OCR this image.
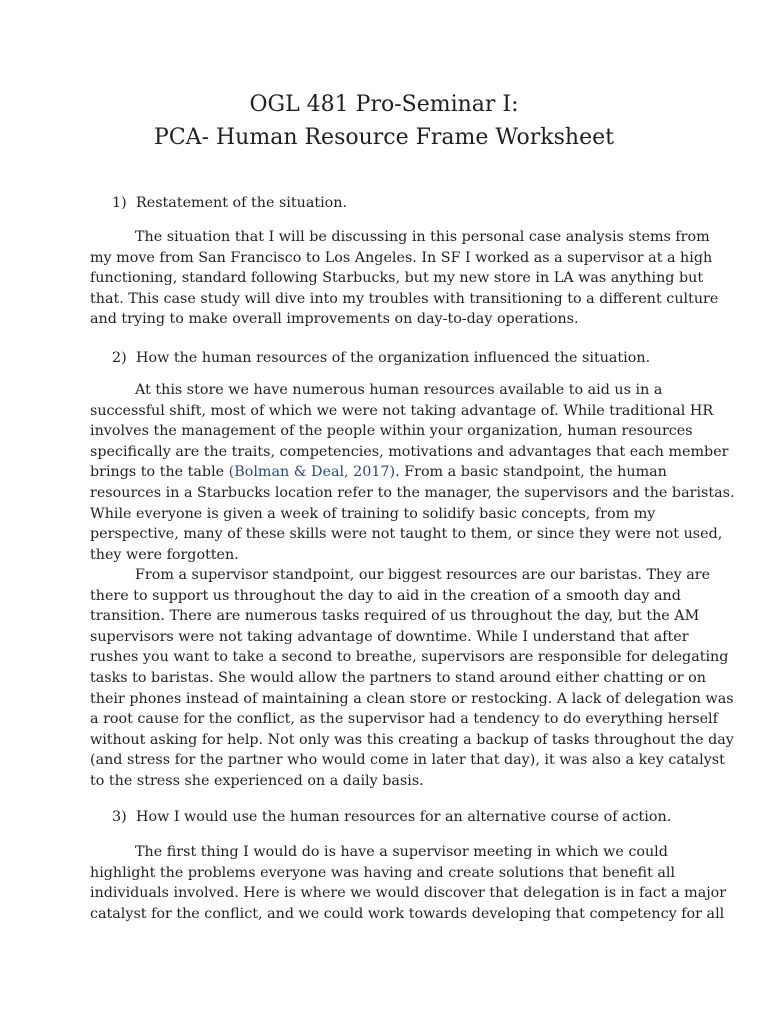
OGL 481 Pro-Seminar I:
PCA- Human Resource Frame Worksheet
1) Restatement of the situation.
The situation that I will be discussing in this personal case analysis stems from
my move from San Francisco to Los Angeles. In SF I worked as a supervisor at a high
functioning, standard following Starbucks, but my new store in LA was anything but
that. This case study will dive into my troubles with transitioning to a different culture
and trying to make overall improvements on day-to-day operations.
2) How the human resources of the organization influenced the situation.
At this store we have numerous human resources available to aid us in a
successful shift, most of which we were not taking advantage of. While traditional HR
involves the management of the people within your organization, human resources
specifically are the traits, competencies, motivations and advantages that each member
brings to the table (Bolman & Deal, 2017). From a basic standpoint, the human
resources in a Starbucks location refer to the manager, the supervisors and the baristas.
While everyone is given a week of training to solidify basic concepts, from my
perspective, many of these skills were not taught to them, or since they were not used,
they were forgotten.
From a supervisor standpoint, our biggest resources are our baristas. They are
there to support us throughout the day to aid in the creation of a smooth day and
transition. There are numerous tasks required of us throughout the day, but the AM
supervisors were not taking advantage of downtime. While I understand that after
rushes you want to take a second to breathe, supervisors are responsible for delegating
tasks to baristas. She would allow the partners to stand around either chatting or on
their phones instead of maintaining a clean store or restocking. A lack of delegation was
a root cause for the conflict, as the supervisor had a tendency to do everything herself
without asking for help. Not only was this creating a backup of tasks throughout the day
(and stress for the partner who would come in later that day), it was also a key catalyst
to the stress she experienced on a daily basis.
3) How I would use the human resources for an alternative course of action.
The first thing I would do is have a supervisor meeting in which we could
highlight the problems everyone was having and create solutions that benefit all
individuals involved. Here is where we would discover that delegation is in fact a major
catalyst for the conflict, and we could work towards developing that competency for all
